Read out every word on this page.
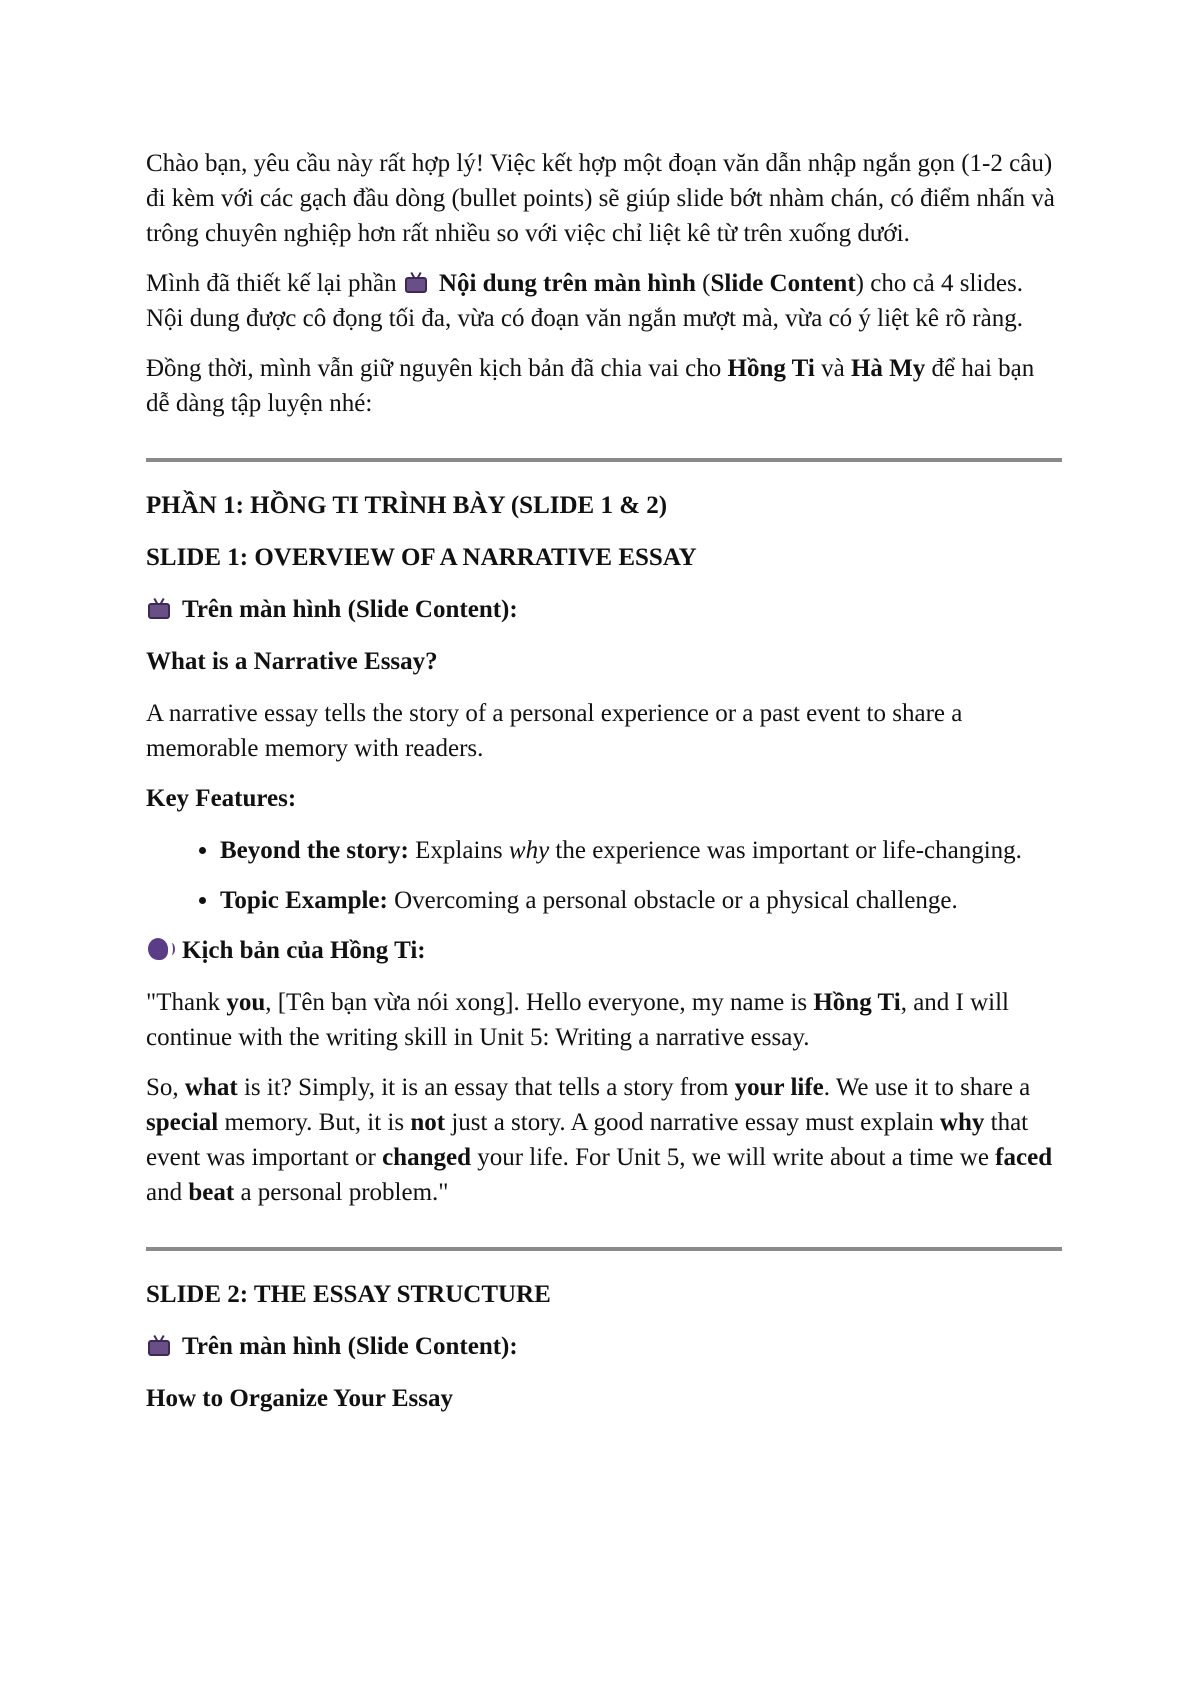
Chào bạn, yêu cầu này rất hợp lý! Việc kết hợp một đoạn văn dẫn nhập ngắn gọn (1-2 câu) đi kèm với các gạch đầu dòng (bullet points) sẽ giúp slide bớt nhàm chán, có điểm nhấn và trông chuyên nghiệp hơn rất nhiều so với việc chỉ liệt kê từ trên xuống dưới.

Mình đã thiết kế lại phần
Nội dung trên màn hình (Slide Content) cho cả 4 slides. Nội dung được cô đọng tối đa, vừa có đoạn văn ngắn mượt mà, vừa có ý liệt kê rõ ràng.

Đồng thời, mình vẫn giữ nguyên kịch bản đã chia vai cho Hồng Ti và Hà My để hai bạn dễ dàng tập luyện nhé:

PHẦN 1: HỒNG TI TRÌNH BÀY (SLIDE 1 & 2)

SLIDE 1: OVERVIEW OF A NARRATIVE ESSAY

Trên màn hình (Slide Content):

What is a Narrative Essay?

A narrative essay tells the story of a personal experience or a past event to share a memorable memory with readers.

Key Features:

• Beyond the story: Explains why the experience was important or life-changing.
• Topic Example: Overcoming a personal obstacle or a physical challenge.

Kịch bản của Hồng Ti:

"Thank you, [Tên bạn vừa nói xong]. Hello everyone, my name is Hồng Ti, and I will continue with the writing skill in Unit 5: Writing a narrative essay.

So, what is it? Simply, it is an essay that tells a story from your life. We use it to share a special memory. But, it is not just a story. A good narrative essay must explain why that event was important or changed your life. For Unit 5, we will write about a time we faced and beat a personal problem."

SLIDE 2: THE ESSAY STRUCTURE

Trên màn hình (Slide Content):

How to Organize Your Essay
